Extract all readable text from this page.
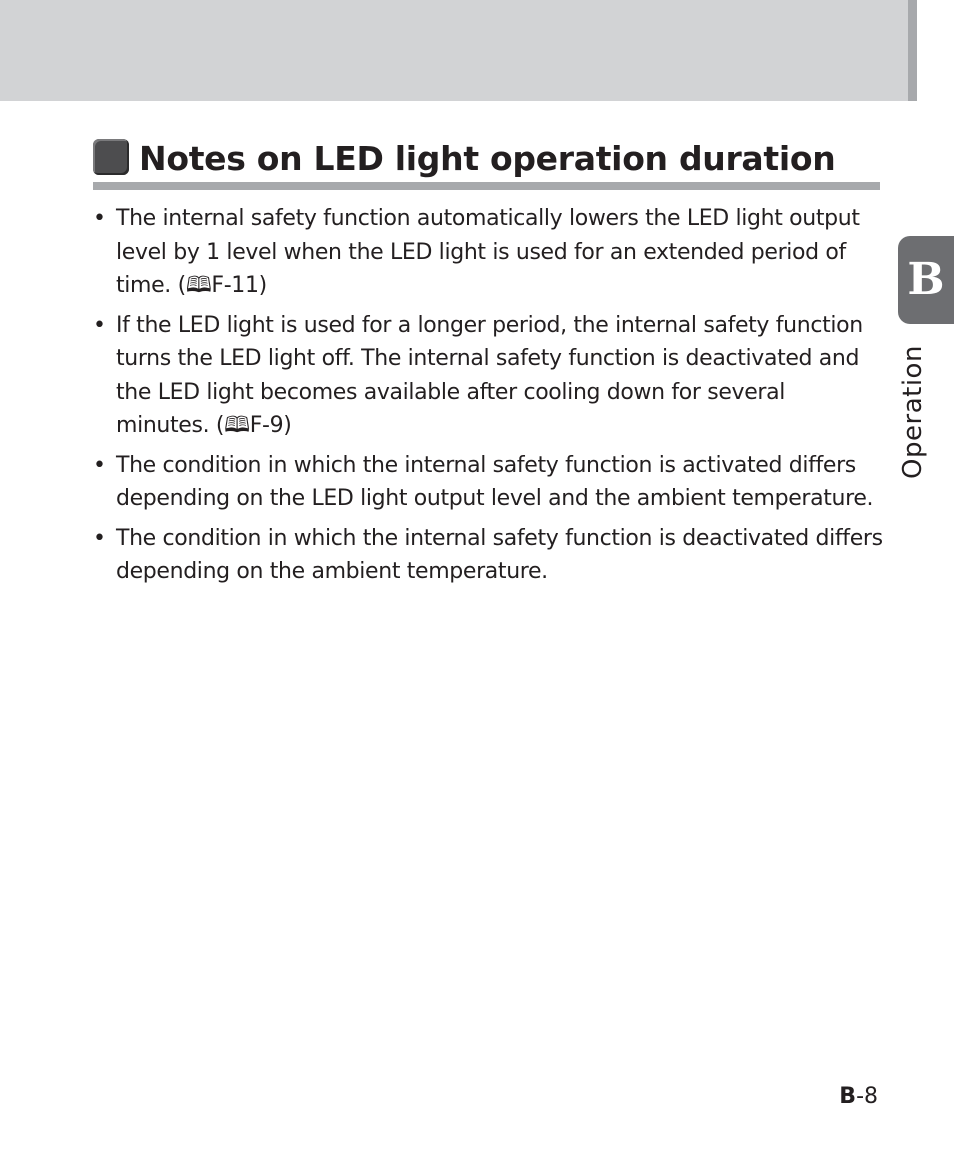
Notes on LED light operation duration
• The internal safety function automatically lowers the LED light output level by 1 level when the LED light is used for an extended period of time. (🕮F-11)
• If the LED light is used for a longer period, the internal safety function turns the LED light off. The internal safety function is deactivated and the LED light becomes available after cooling down for several minutes. (🕮F-9)
• The condition in which the internal safety function is activated differs depending on the LED light output level and the ambient temperature.
• The condition in which the internal safety function is deactivated differs depending on the ambient temperature.
B
Operation
B-8
